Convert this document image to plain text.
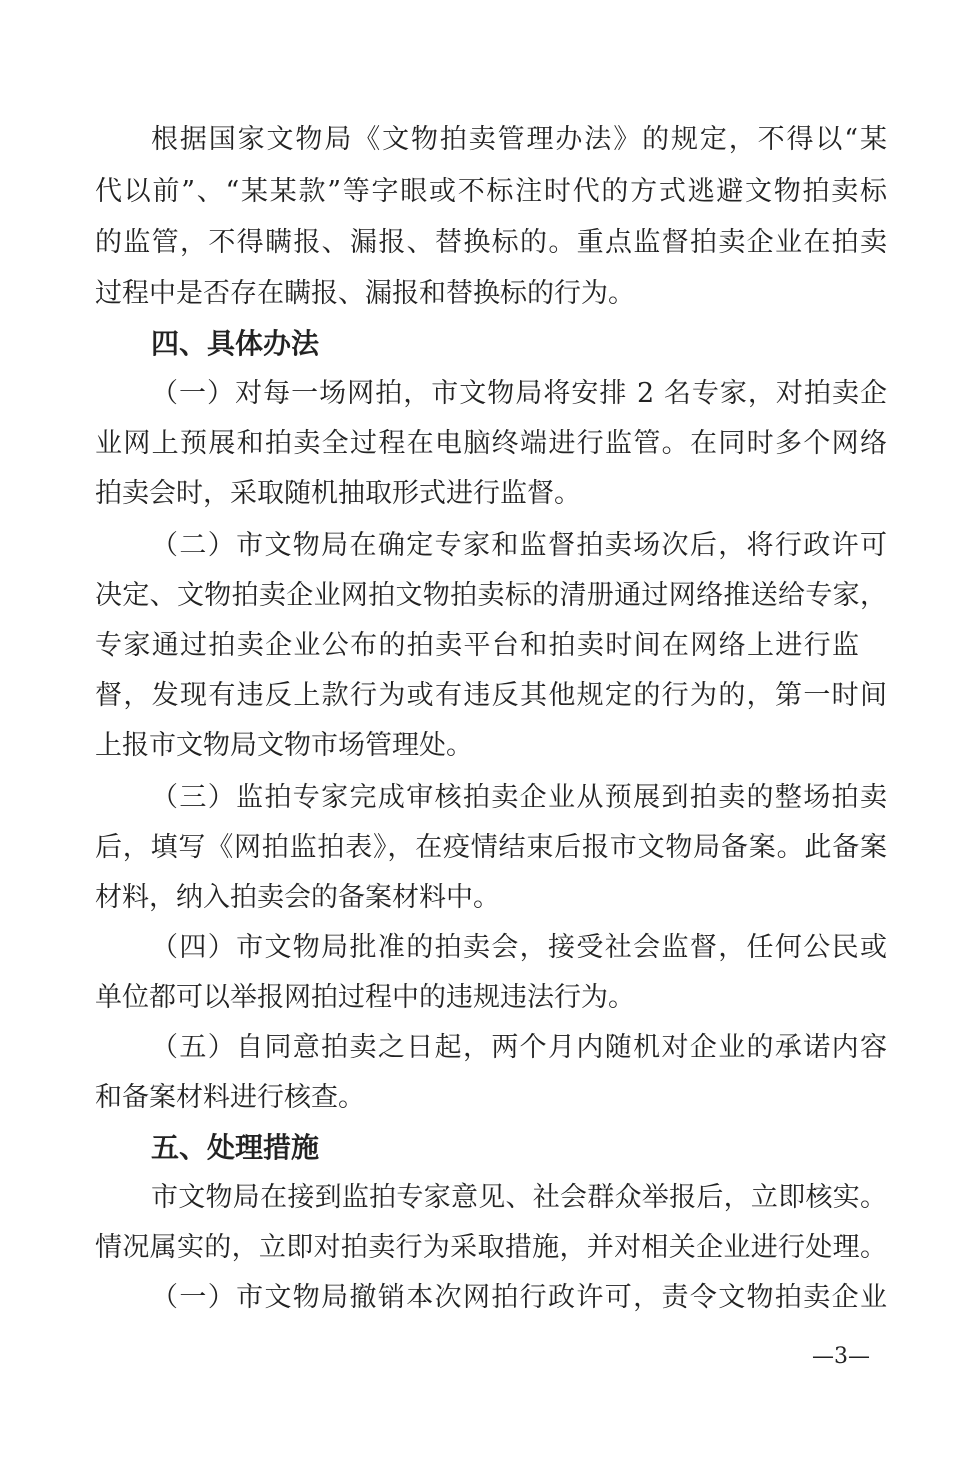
根据国家文物局《文物拍卖管理办法》的规定，不得以“某
代以前”、“某某款”等字眼或不标注时代的方式逃避文物拍卖标
的监管，不得瞒报、漏报、替换标的。重点监督拍卖企业在拍卖
过程中是否存在瞒报、漏报和替换标的行为。
四、具体办法
（一）对每一场网拍，市文物局将安排 2 名专家，对拍卖企
业网上预展和拍卖全过程在电脑终端进行监管。在同时多个网络
拍卖会时，采取随机抽取形式进行监督。
（二）市文物局在确定专家和监督拍卖场次后，将行政许可
决定、文物拍卖企业网拍文物拍卖标的清册通过网络推送给专家，
专家通过拍卖企业公布的拍卖平台和拍卖时间在网络上进行监
督，发现有违反上款行为或有违反其他规定的行为的，第一时间
上报市文物局文物市场管理处。
（三）监拍专家完成审核拍卖企业从预展到拍卖的整场拍卖
后，填写《网拍监拍表》，在疫情结束后报市文物局备案。此备案
材料，纳入拍卖会的备案材料中。
（四）市文物局批准的拍卖会，接受社会监督，任何公民或
单位都可以举报网拍过程中的违规违法行为。
（五）自同意拍卖之日起，两个月内随机对企业的承诺内容
和备案材料进行核查。
五、处理措施
市文物局在接到监拍专家意见、社会群众举报后，立即核实。
情况属实的，立即对拍卖行为采取措施，并对相关企业进行处理。
（一）市文物局撤销本次网拍行政许可，责令文物拍卖企业
—3—
